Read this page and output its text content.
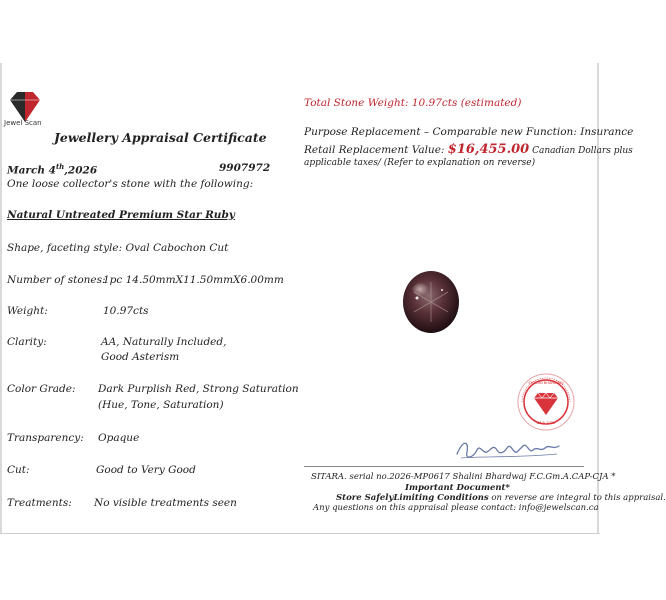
Jewel Scan
Jewellery Appraisal Certificate
March 4th,2026	9907972
One loose collector's stone with the following:
Natural Untreated Premium Star Ruby
Shape, faceting style: Oval Cabochon Cut
Number of stones:
1pc 14.50mmX11.50mmX6.00mm
Weight:	10.97cts
Clarity:	AA, Naturally Included,
Good Asterism
Color Grade: Dark Purplish Red, Strong Saturation
(Hue, Tone, Saturation)
Transparency: Opaque
Cut:	Good to Very Good
Treatments: No visible treatments seen
Total Stone Weight: 10.97cts (estimated)
Purpose Replacement – Comparable new Function: Insurance
Retail Replacement Value: $16,455.00 Canadian Dollars plus
applicable taxes/ (Refer to explanation on reverse)
SHALINI BHARDWAJ
CAJA 2025
SITARA. serial no.2026-MP0617 Shalini Bhardwaj F.C.Gm.A.CAP-CJA *
Important Document*
Store SafelyLimiting Conditions on reverse are integral to this appraisal.
Any questions on this appraisal please contact: info@jewelscan.ca
